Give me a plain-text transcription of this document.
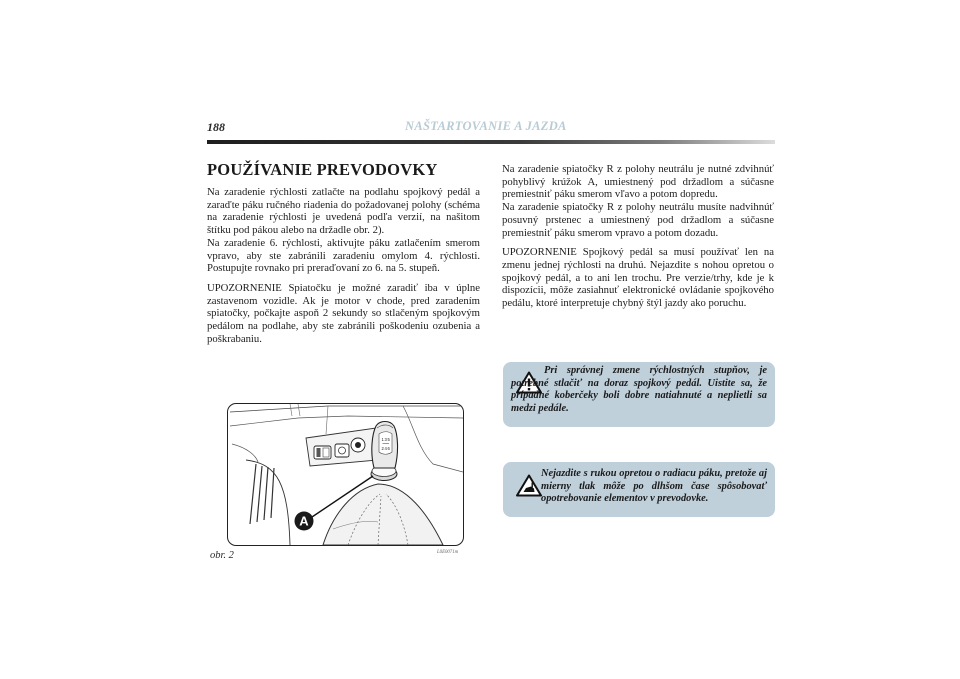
188	NAŠTARTOVANIE A JAZDA
POUŽÍVANIE PREVODOVKY

Na zaradenie rýchlosti zatlačte na podlahu spojkový pedál a zaraďte páku ručného riadenia do požadovanej polohy (schéma na zaradenie rýchlosti je uvedená podľa verzií, na našitom štítku pod pákou alebo na držadle obr. 2).
Na zaradenie 6. rýchlosti, aktivujte páku zatlačením smerom vpravo, aby ste zabránili zaradeniu omylom 4. rýchlosti. Postupujte rovnako pri preraďovaní zo 6. na 5. stupeň.

UPOZORNENIE Spiatočku je možné zaradiť iba v úplne zastavenom vozidle. Ak je motor v chode, pred zaradením spiatočky, počkajte aspoň 2 sekundy so stlačeným spojkovým pedálom na podlahe, aby ste zabránili poškodeniu ozubenia a poškrabaniu.

Na zaradenie spiatočky R z polohy neutrálu je nutné zdvihnúť pohyblivý krúžok A, umiestnený pod držadlom a súčasne premiestniť páku smerom vľavo a potom dopredu.
Na zaradenie spiatočky R z polohy neutrálu musíte nadvihnúť posuvný prstenec a umiestnený pod držadlom a súčasne premiestniť páku smerom vpravo a potom dozadu.

UPOZORNENIE Spojkový pedál sa musí používať len na zmenu jednej rýchlosti na druhú. Nejazdite s nohou opretou o spojkový pedál, a to ani len trochu. Pre verzie/trhy, kde je k dispozícii, môže zasiahnuť elektronické ovládanie spojkového pedálu, ktoré interpretuje chybný štýl jazdy ako poruchu.

1 3 5
2 4 6
A
obr. 2	L0E0071m
Pri správnej zmene rýchlostných stupňov, je potrebné stlačiť na doraz spojkový pedál. Uistite sa, že prípadné koberčeky boli dobre natiahnuté a neplietli sa medzi pedále.
Nejazdite s rukou opretou o radiacu páku, pretože aj mierny tlak môže po dlhšom čase spôsobovať opotrebovanie elementov v prevodovke.
